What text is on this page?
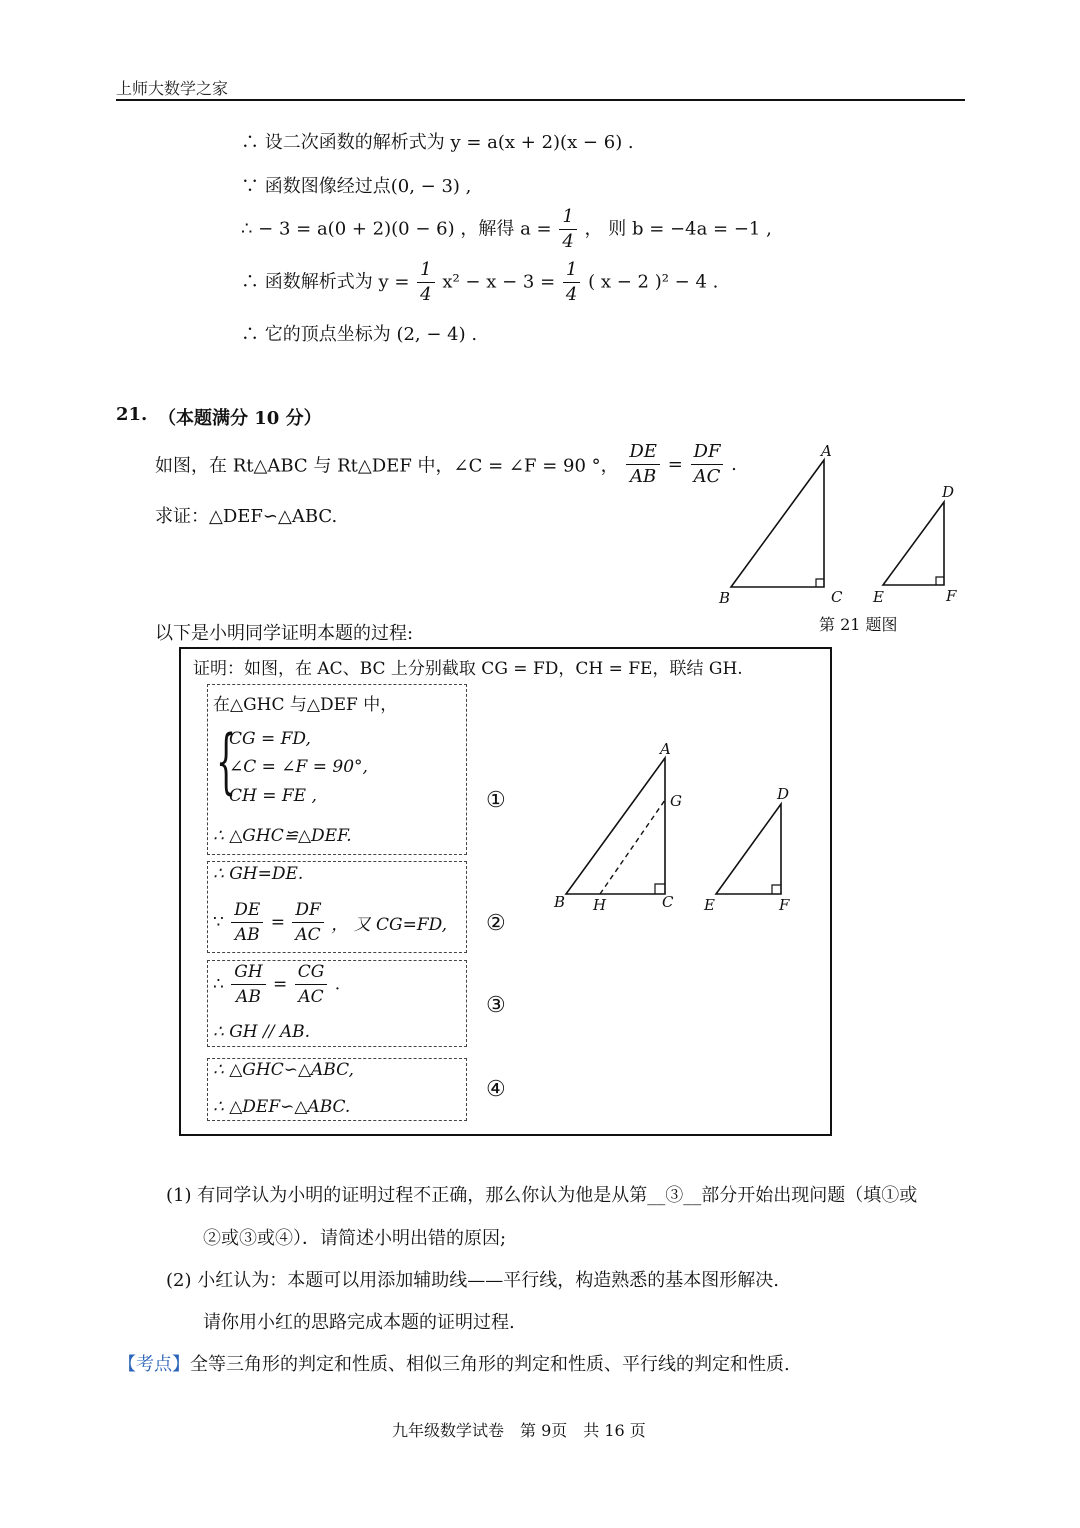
上师大数学之家
∴ 设二次函数的解析式为 y = a(x + 2)(x − 6) .
∵ 函数图像经过点(0, − 3) ,
∴ − 3 = a(0 + 2)(0 − 6) ，解得 $a = \frac{1}{4}$ ， 则 b = −4a = −1 ,
∴ 函数解析式为 $y = \frac{1}{4} x^2 - x - 3 = \frac{1}{4}$ ( x − 2 )² − 4 .
∴ 它的顶点坐标为 (2, − 4) .
21. （本题满分 10 分）
如图，在 Rt△ABC 与 Rt△DEF 中，∠C = ∠F = 90 °， $\frac{DE}{AB} = \frac{DF}{AC}$ .
求证：△DEF∽△ABC.
A
B	C
D
E	F
第 21 题图
以下是小明同学证明本题的过程:
证明：如图，在 AC、BC 上分别截取 CG = FD，CH = FE，联结 GH.
在△GHC 与△DEF 中，
{
CG = FD,
∠C = ∠F = 90°,
CH = FE ,
∴ △GHC≌△DEF.
∴ GH=DE.
∵ $\frac{DE}{AB} = \frac{DF}{AC}$ ， 又 CG=FD,
∴ $\frac{GH}{AB} = \frac{CG}{AC}$ .
∴ GH // AB.
∴ △GHC∽△ABC,
∴ △DEF∽△ABC.
①
②
③
④
A
G
B H	C
D
E	F
(1) 有同学认为小明的证明过程不正确，那么你认为他是从第__③__部分开始出现问题（填①或
②或③或④）．请简述小明出错的原因;
(2) 小红认为：本题可以用添加辅助线——平行线，构造熟悉的基本图形解决.
请你用小红的思路完成本题的证明过程.
【考点】全等三角形的判定和性质、相似三角形的判定和性质、平行线的判定和性质.
九年级数学试卷　第 9页　共 16 页
